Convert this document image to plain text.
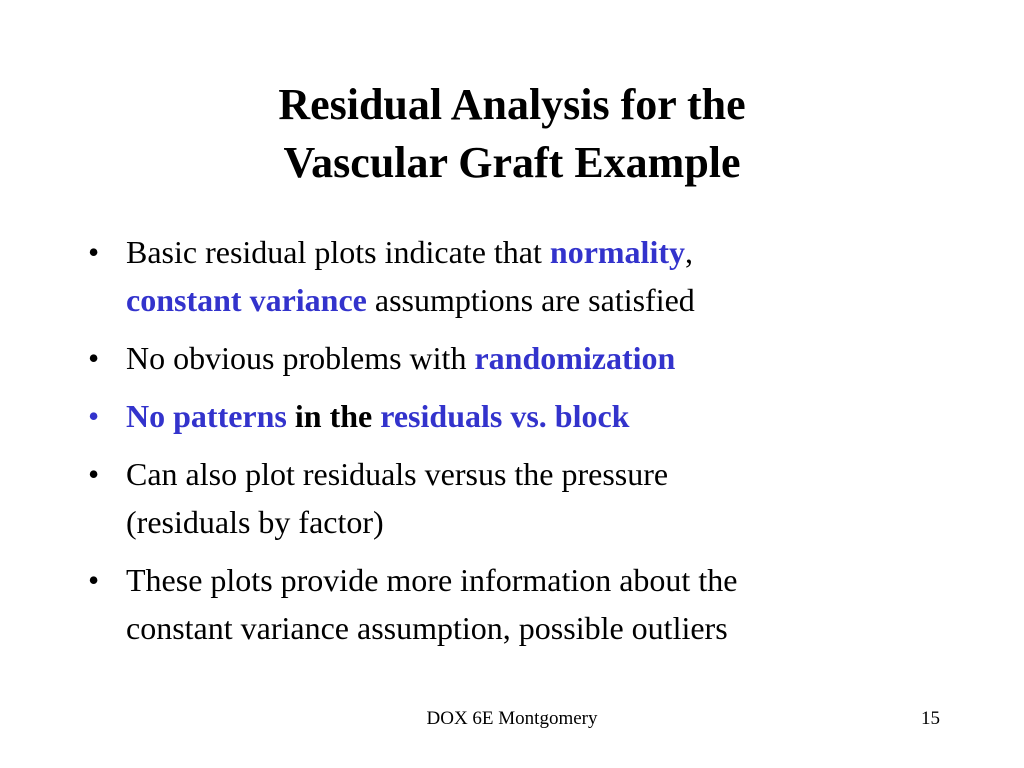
Residual Analysis for the
Vascular Graft Example
• Basic residual plots indicate that normality,
constant variance assumptions are satisfied
• No obvious problems with randomization
• No patterns in the residuals vs. block
• Can also plot residuals versus the pressure
(residuals by factor)
• These plots provide more information about the
constant variance assumption, possible outliers
DOX 6E Montgomery	15
